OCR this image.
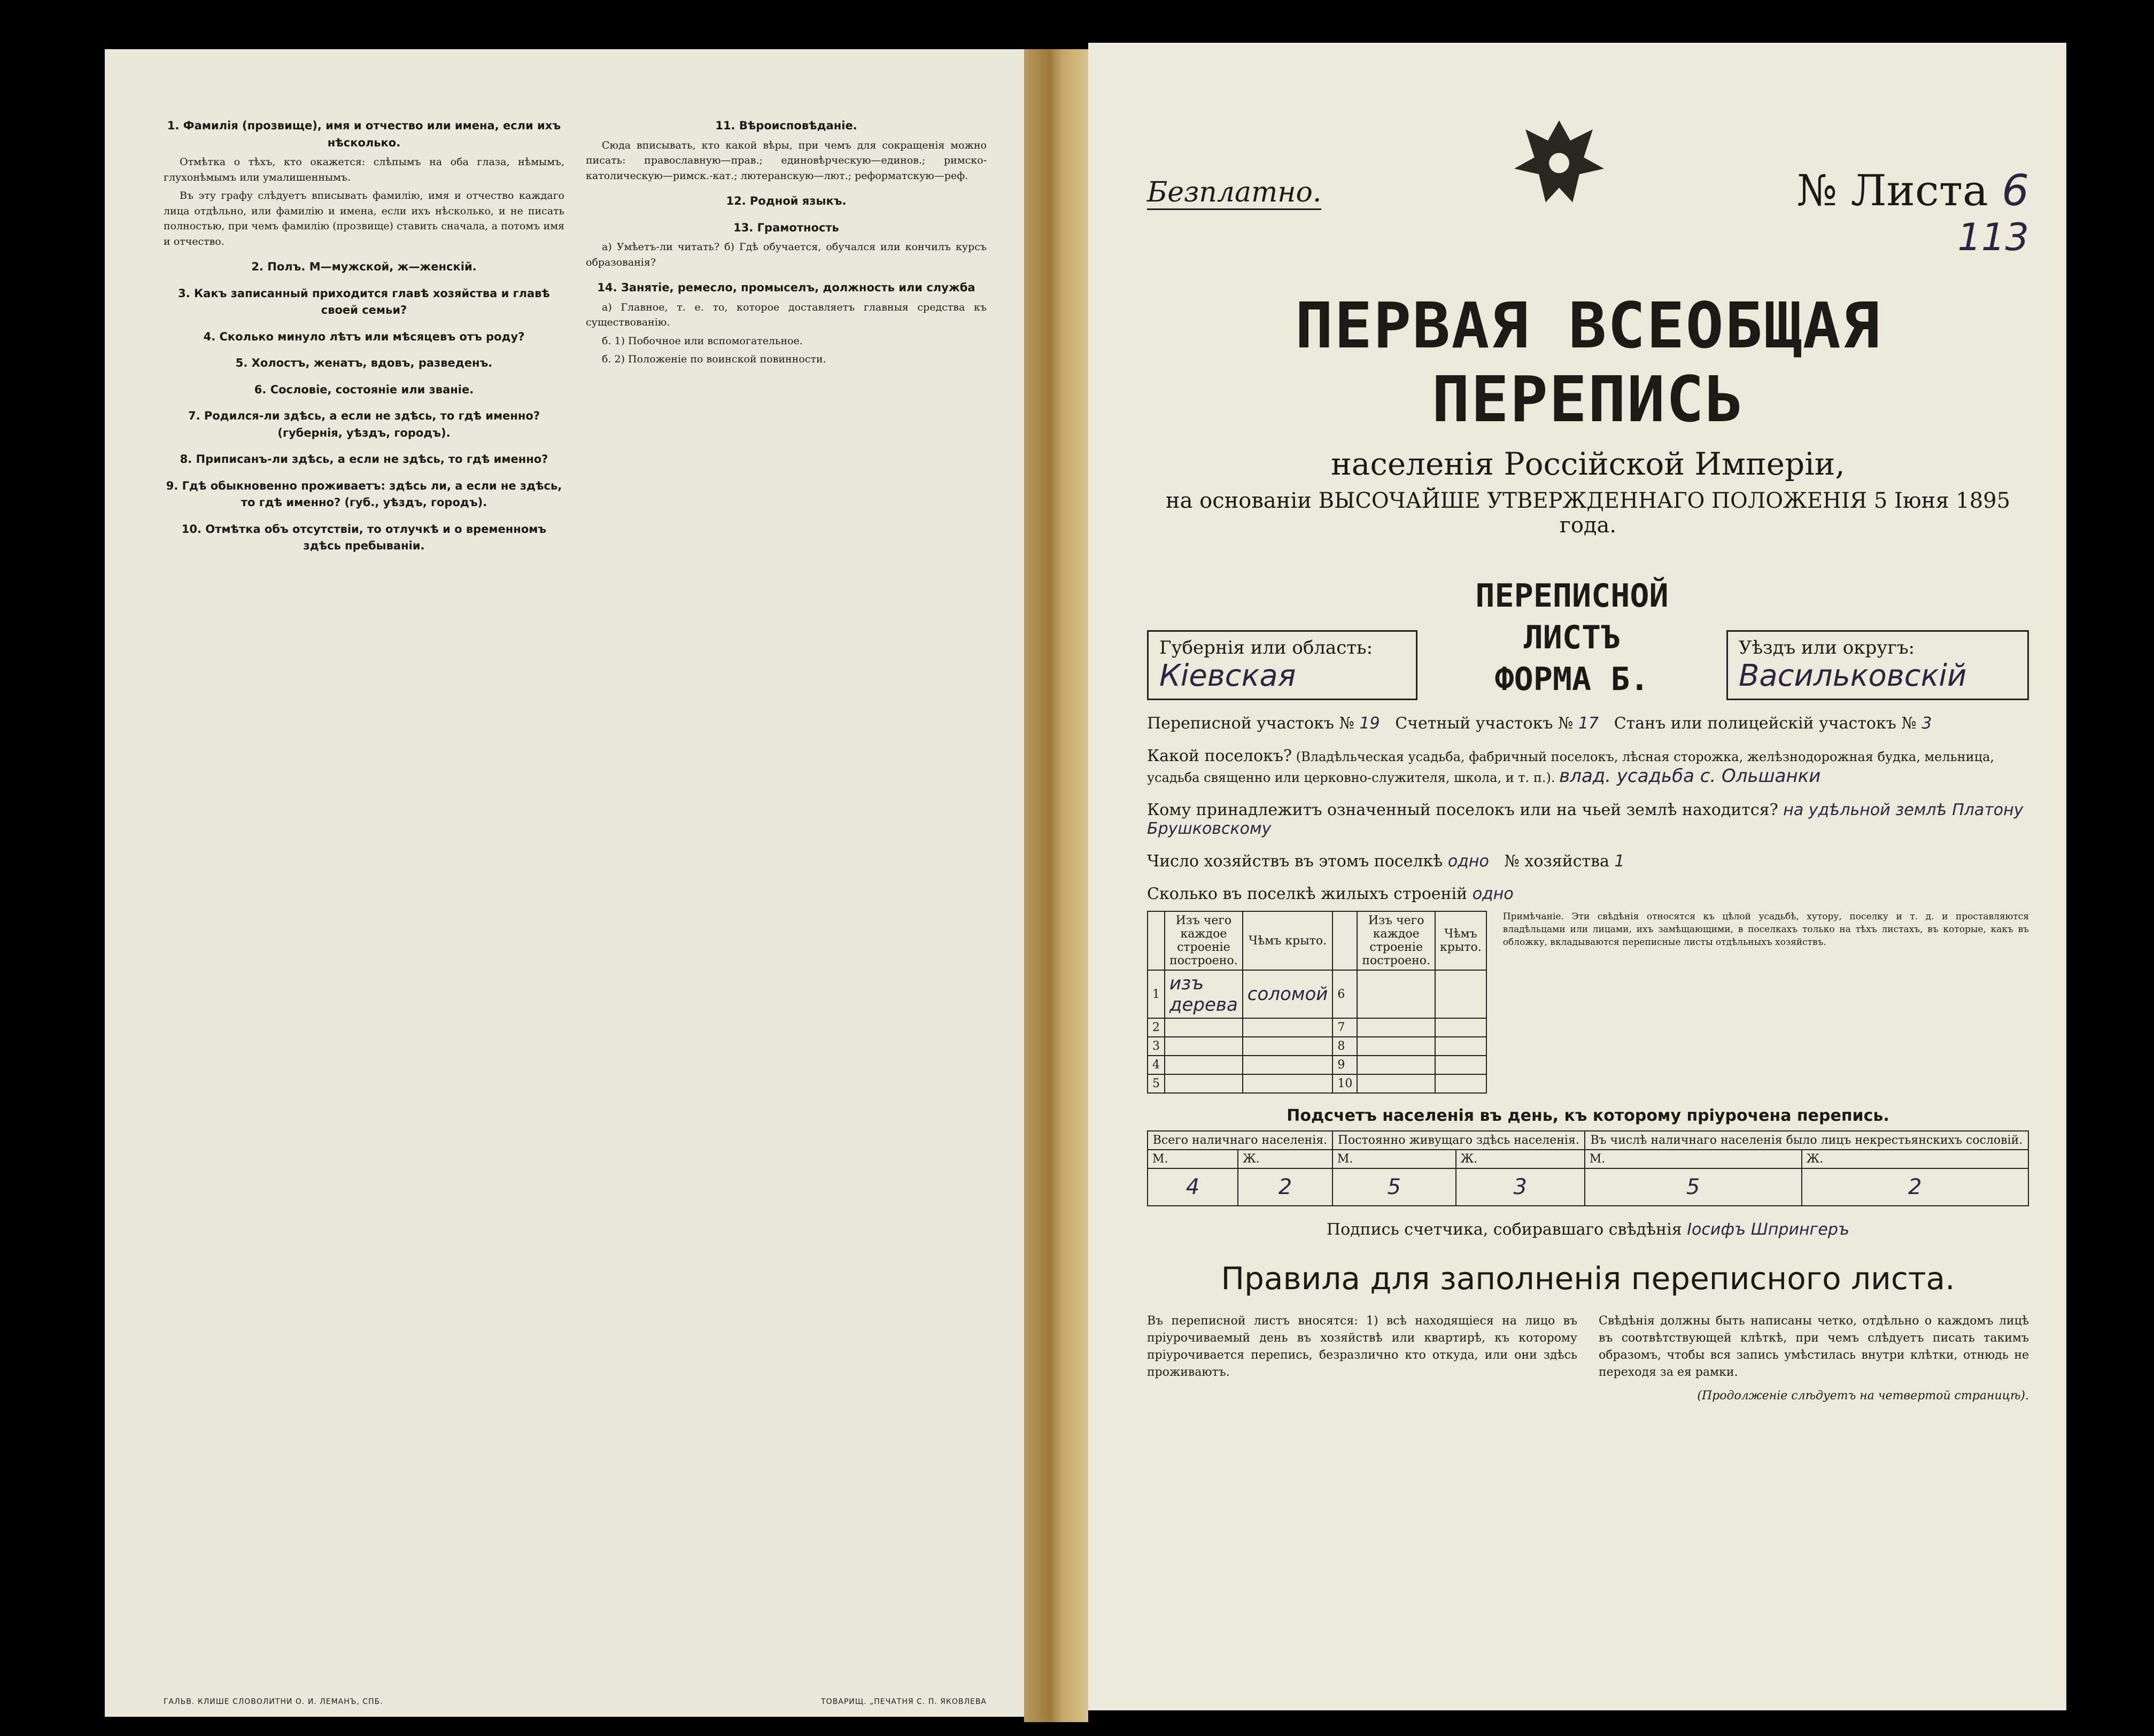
1. Фамилія (прозвище), имя и отчество или имена, если ихъ нѣсколько.

Отмѣтка о тѣхъ, кто окажется: слѣпымъ на оба глаза, нѣмымъ, глухонѣмымъ или умалишеннымъ.

Въ эту графу слѣдуетъ вписывать фамилію, имя и отчество каждаго лица отдѣльно, или фамилію и имена, если ихъ нѣсколько, и не писать полностью, при чемъ фамилію (прозвище) ставить сначала, а потомъ имя и отчество.

2. Полъ. М—мужской, ж—женскій.
3. Какъ записанный приходится главѣ хозяйства и главѣ своей семьи?
4. Сколько минуло лѣтъ или мѣсяцевъ отъ роду?
5. Холостъ, женатъ, вдовъ, разведенъ.
6. Сословіе, состояніе или званіе.
7. Родился-ли здѣсь, а если не здѣсь, то гдѣ именно? (губернія, уѣздъ, городъ).
8. Приписанъ-ли здѣсь, а если не здѣсь, то гдѣ именно?
9. Гдѣ обыкновенно проживаетъ: здѣсь ли, а если не здѣсь, то гдѣ именно? (губ., уѣздъ, городъ).
10. Отмѣтка объ отсутствіи, то отлучкѣ и о временномъ здѣсь пребываніи.
11. Вѣроисповѣданіе.

Сюда вписывать, кто какой вѣры, при чемъ для сокращенія можно писать: православную—прав.; единовѣрческую—единов.; римско-католическую—римск.-кат.; лютеранскую—лют.; реформатскую—реф.

12. Родной языкъ.
13. Грамотность

а) Умѣетъ-ли читать? б) Гдѣ обучается, обучался или кончилъ курсъ образованія?

14. Занятіе, ремесло, промыселъ, должность или служба

а) Главное, т. е. то, которое доставляетъ главныя средства къ существованію.

б. 1) Побочное или вспомогательное.

б. 2) Положеніе по воинской повинности.

ГАЛЬВ. КЛИШЕ СЛОВОЛИТНИ О. И. ЛЕМАНЪ, СПБ.	ТОВАРИЩ. „ПЕЧАТНЯ С. П. ЯКОВЛЕВА
Безплатно.	№ Листа 6
113
ПЕРВАЯ ВСЕОБЩАЯ ПЕРЕПИСЬ
населенія Россійской Имперіи,
на основаніи ВЫСОЧАЙШЕ УТВЕРЖДЕННАГО ПОЛОЖЕНІЯ 5 Іюня 1895 года.
Губернія или область:
Кіевская
ПЕРЕПИСНОЙ ЛИСТЪ
ФОРМА Б.
Уѣздъ или округъ:
Васильковскій
Переписной участокъ № 19 Счетный участокъ № 17 Станъ или полицейскій участокъ № 3
Какой поселокъ? (Владѣльческая усадьба, фабричный поселокъ, лѣсная сторожка, желѣзнодорожная будка, мельница, усадьба священно или церковно-служителя, школа, и т. п.). влад. усадьба с. Ольшанки
Кому принадлежитъ означенный поселокъ или на чьей землѣ находится? на удѣльной землѣ Платону Брушковскому
Число хозяйствъ въ этомъ поселкѣ одно № хозяйства 1
Сколько въ поселкѣ жилыхъ строеній одно
	Изъ чего каждое строеніе построено.	Чѣмъ крыто.		Изъ чего каждое строеніе построено.	Чѣмъ крыто.
1	изъ дерева	соломой	6		
2			7		
3			8		
4			9		
5			10		
Примѣчаніе. Эти свѣдѣнія относятся къ цѣлой усадьбѣ, хутору, поселку и т. д. и проставляются владѣльцами или лицами, ихъ замѣщающими, в поселкахъ только на тѣхъ листахъ, въ которые, какъ въ обложку, вкладываются переписные листы отдѣльныхъ хозяйствъ.
Подсчетъ населенія въ день, къ которому пріурочена перепись.
Всего наличнаго населенія.		Постоянно живущаго здѣсь населенія.		Въ числѣ наличнаго населенія было лицъ некрестьянскихъ сословій.	
М.	Ж.	М.	Ж.	М.	Ж.
4	2	5	3	5	2
Подпись счетчика, собиравшаго свѣдѣнія Іосифъ Шпрингеръ
Правила для заполненія переписного листа.
Въ переписной листъ вносятся: 1) всѣ находящіеся на лицо въ пріурочиваемый день въ хозяйствѣ или квартирѣ, къ которому пріурочивается перепись, безразлично кто откуда, или они здѣсь проживаютъ.
Свѣдѣнія должны быть написаны четко, отдѣльно о каждомъ лицѣ въ соотвѣтствующей клѣткѣ, при чемъ слѣдуетъ писать такимъ образомъ, чтобы вся запись умѣстилась внутри клѣтки, отнюдь не переходя за ея рамки.
(Продолженіе слѣдуетъ на четвертой страницѣ).
